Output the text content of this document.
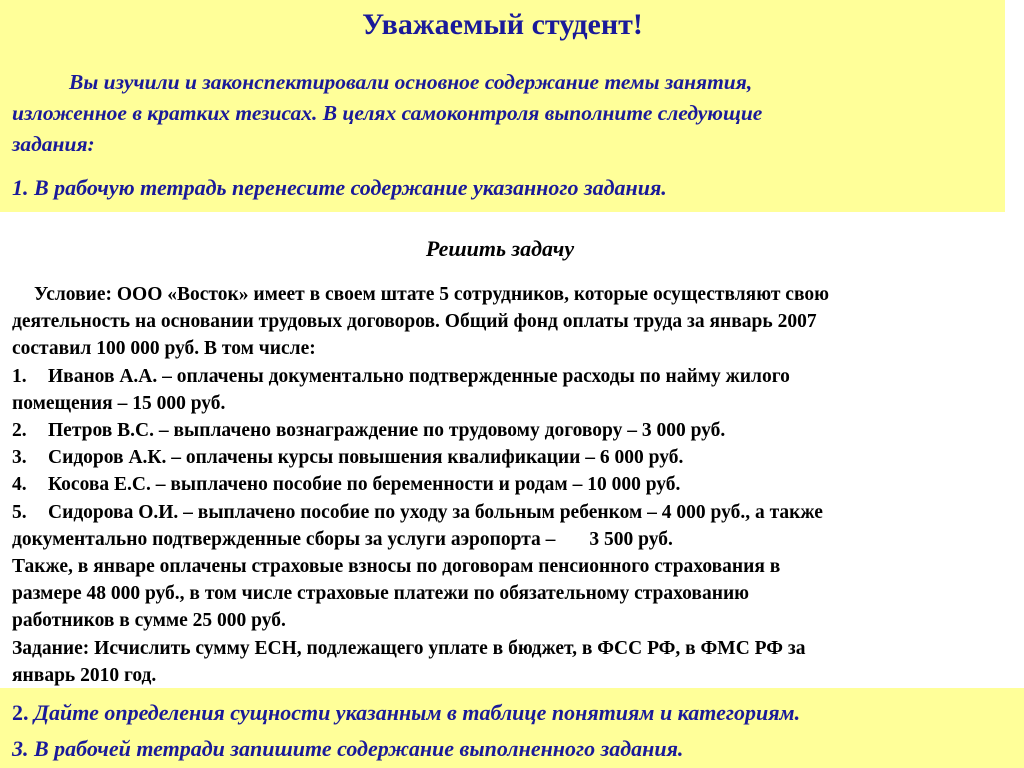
Уважаемый студент!

Вы изучили и законспектировали основное содержание темы занятия,
изложенное в кратких тезисах. В целях самоконтроля выполните следующие
задания:

1. В рабочую тетрадь перенесите содержание указанного задания.

Решить задачу

Условие: ООО «Восток» имеет в своем штате 5 сотрудников, которые осуществляют свою
деятельность на основании трудовых договоров. Общий фонд оплаты труда за январь 2007
составил 100 000 руб. В том числе:
1. Иванов А.А. – оплачены документально подтвержденные расходы по найму жилого
помещения – 15 000 руб.
2. Петров В.С. – выплачено вознаграждение по трудовому договору – 3 000 руб.
3. Сидоров А.К. – оплачены курсы повышения квалификации – 6 000 руб.
4. Косова Е.С. – выплачено пособие по беременности и родам – 10 000 руб.
5. Сидорова О.И. – выплачено пособие по уходу за больным ребенком – 4 000 руб., а также
документально подтвержденные сборы за услуги аэропорта – 3 500 руб.
Также, в январе оплачены страховые взносы по договорам пенсионного страхования в
размере 48 000 руб., в том числе страховые платежи по обязательному страхованию
работников в сумме 25 000 руб.
Задание: Исчислить сумму ЕСН, подлежащего уплате в бюджет, в ФСС РФ, в ФМС РФ за
январь 2010 год.

2. Дайте определения сущности указанным в таблице понятиям и категориям.

3. В рабочей тетради запишите содержание выполненного задания.
